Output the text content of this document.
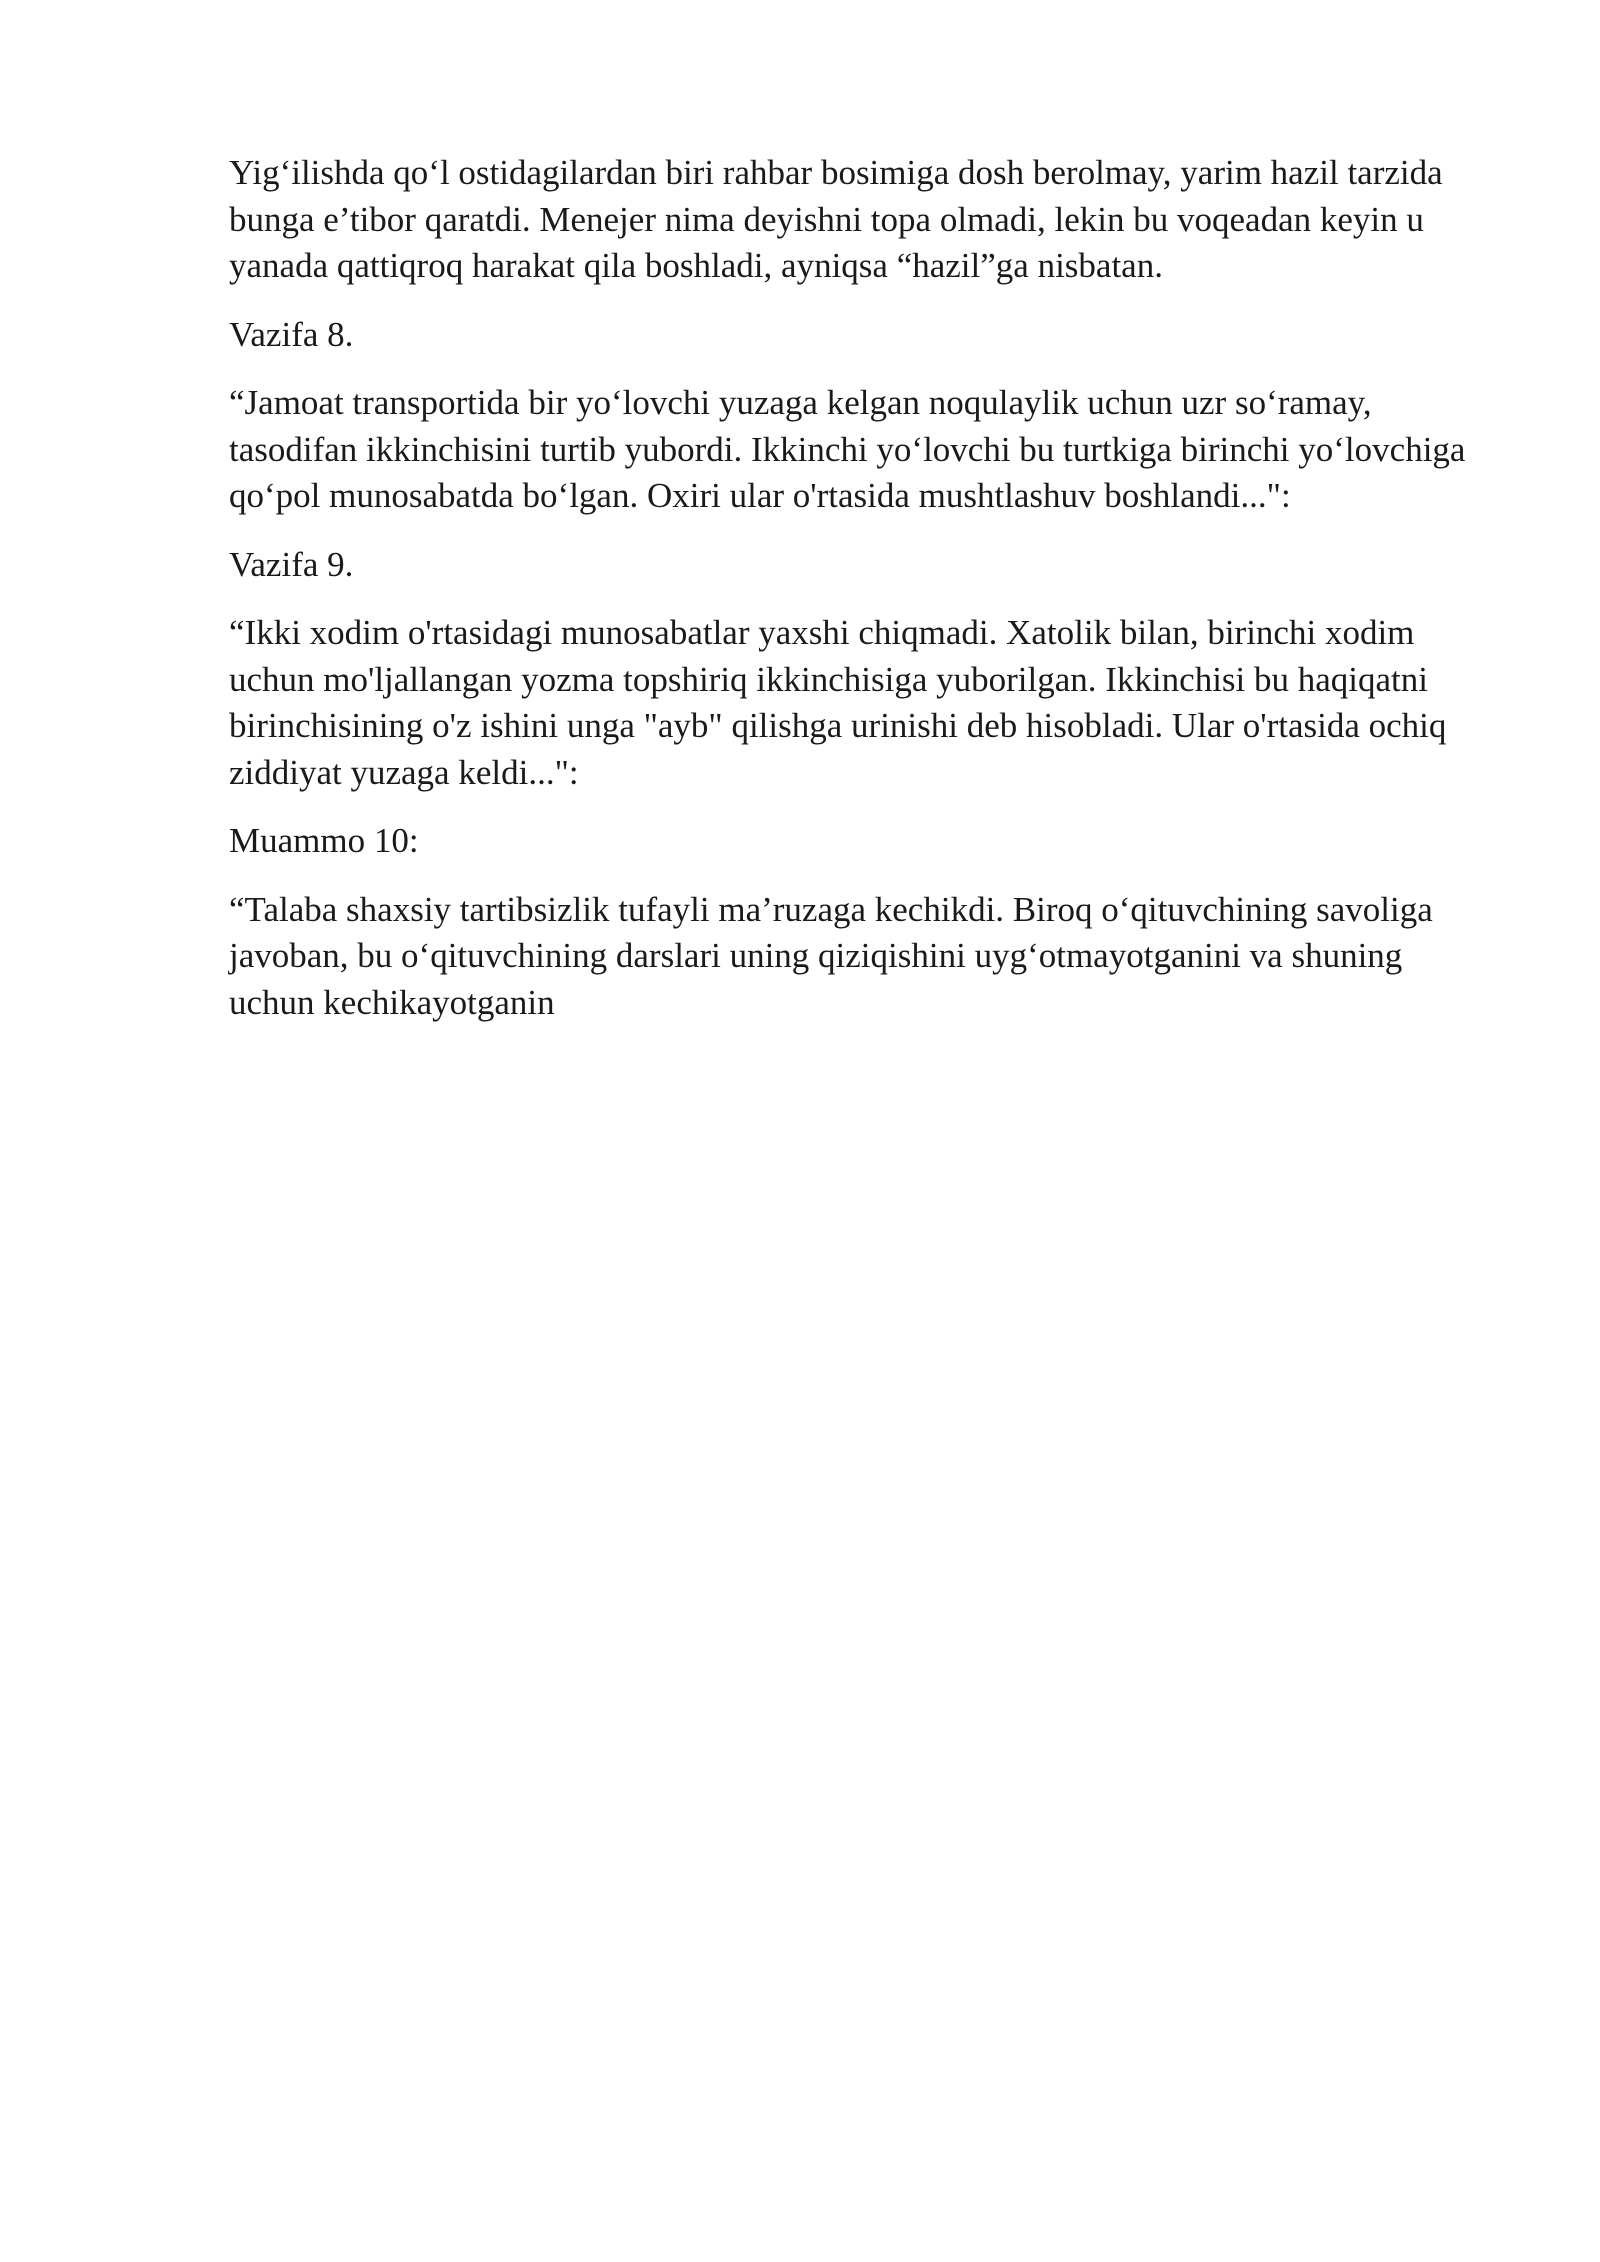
Yig‘ilishda qo‘l ostidagilardan biri rahbar bosimiga dosh berolmay, yarim hazil tarzida bunga e’tibor qaratdi. Menejer nima deyishni topa olmadi, lekin bu voqeadan keyin u yanada qattiqroq harakat qila boshladi, ayniqsa “hazil”ga nisbatan.

Vazifa 8.

“Jamoat transportida bir yo‘lovchi yuzaga kelgan noqulaylik uchun uzr so‘ramay, tasodifan ikkinchisini turtib yubordi. Ikkinchi yo‘lovchi bu turtkiga birinchi yo‘lovchiga qo‘pol munosabatda bo‘lgan. Oxiri ular o'rtasida mushtlashuv boshlandi...":

Vazifa 9.

“Ikki xodim o'rtasidagi munosabatlar yaxshi chiqmadi. Xatolik bilan, birinchi xodim uchun mo'ljallangan yozma topshiriq ikkinchisiga yuborilgan. Ikkinchisi bu haqiqatni birinchisining o'z ishini unga "ayb" qilishga urinishi deb hisobladi. Ular o'rtasida ochiq ziddiyat yuzaga keldi...":

Muammo 10:

“Talaba shaxsiy tartibsizlik tufayli ma’ruzaga kechikdi. Biroq o‘qituvchining savoliga javoban, bu o‘qituvchining darslari uning qiziqishini uyg‘otmayotganini va shuning uchun kechikayotganin
